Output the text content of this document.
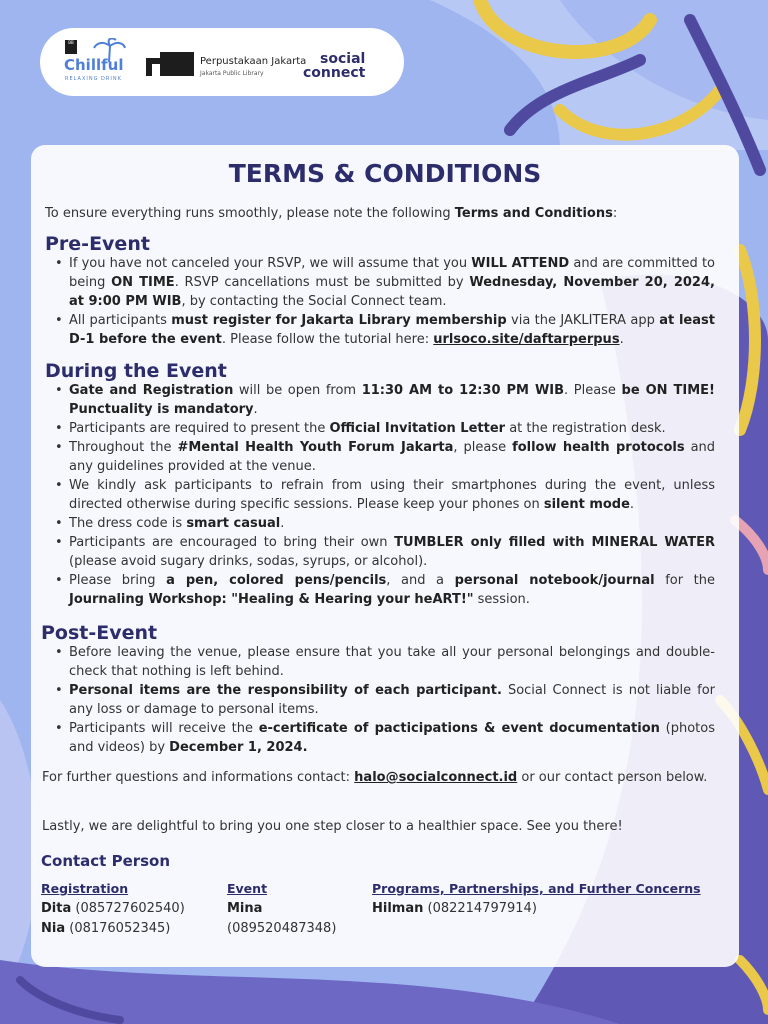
BB
Chillful
RELAXING DRINK
Perpustakaan Jakarta
Jakarta Public Library
social
connect
TERMS & CONDITIONS
To ensure everything runs smoothly, please note the following Terms and Conditions:
Pre-Event
• If you have not canceled your RSVP, we will assume that you WILL ATTEND and are committed to being ON TIME. RSVP cancellations must be submitted by Wednesday, November 20, 2024, at 9:00 PM WIB, by contacting the Social Connect team.
• All participants must register for Jakarta Library membership via the JAKLITERA app at least D-1 before the event. Please follow the tutorial here: urlsoco.site/daftarperpus.
During the Event
• Gate and Registration will be open from 11:30 AM to 12:30 PM WIB. Please be ON TIME! Punctuality is mandatory.
• Participants are required to present the Official Invitation Letter at the registration desk.
• Throughout the #Mental Health Youth Forum Jakarta, please follow health protocols and any guidelines provided at the venue.
• We kindly ask participants to refrain from using their smartphones during the event, unless directed otherwise during specific sessions. Please keep your phones on silent mode.
• The dress code is smart casual.
• Participants are encouraged to bring their own TUMBLER only filled with MINERAL WATER (please avoid sugary drinks, sodas, syrups, or alcohol).
• Please bring a pen, colored pens/pencils, and a personal notebook/journal for the Journaling Workshop: "Healing & Hearing your heART!" session.
Post-Event
• Before leaving the venue, please ensure that you take all your personal belongings and double-check that nothing is left behind.
• Personal items are the responsibility of each participant. Social Connect is not liable for any loss or damage to personal items.
• Participants will receive the e-certificate of pacticipations & event documentation (photos and videos) by December 1, 2024.
For further questions and informations contact: halo@socialconnect.id or our contact person below.
Lastly, we are delightful to bring you one step closer to a healthier space. See you there!
Contact Person
Registration
Dita (085727602540)
Nia (08176052345)
Event
Mina
(089520487348)
Programs, Partnerships, and Further Concerns
Hilman (082214797914)
